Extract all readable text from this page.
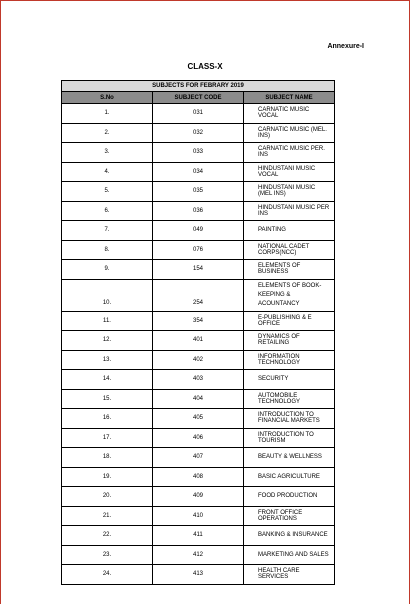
Annexure-I
CLASS-X
SUBJECTS FOR FEBRARY 2019		
S.No	SUBJECT CODE	SUBJECT NAME
1.	031	CARNATIC MUSIC VOCAL
2.	032	CARNATIC MUSIC (MEL. INS)
3.	033	CARNATIC MUSIC PER. INS
4.	034	HINDUSTANI MUSIC VOCAL
5.	035	HINDUSTANI MUSIC (MEL INS)
6.	036	HINDUSTANI MUSIC PER INS
7.	049	PAINTING
8.	076	NATIONAL CADET CORPS(NCC)
9.	154	ELEMENTS OF BUSINESS
10.	254	ELEMENTS OF BOOK-KEEPING & ACOUNTANCY
11.	354	E-PUBLISHING & E OFFICE
12.	401	DYNAMICS OF RETAILING
13.	402	INFORMATION TECHNOLOGY
14.	403	SECURITY
15.	404	AUTOMOBILE TECHNOLOGY
16.	405	INTRODUCTION TO FINANCIAL MARKETS
17.	406	INTRODUCTION TO TOURISM
18.	407	BEAUTY & WELLNESS
19.	408	BASIC AGRICULTURE
20.	409	FOOD PRODUCTION
21.	410	FRONT OFFICE OPERATIONS
22.	411	BANKING & INSURANCE
23.	412	MARKETING AND SALES
24.	413	HEALTH CARE SERVICES
